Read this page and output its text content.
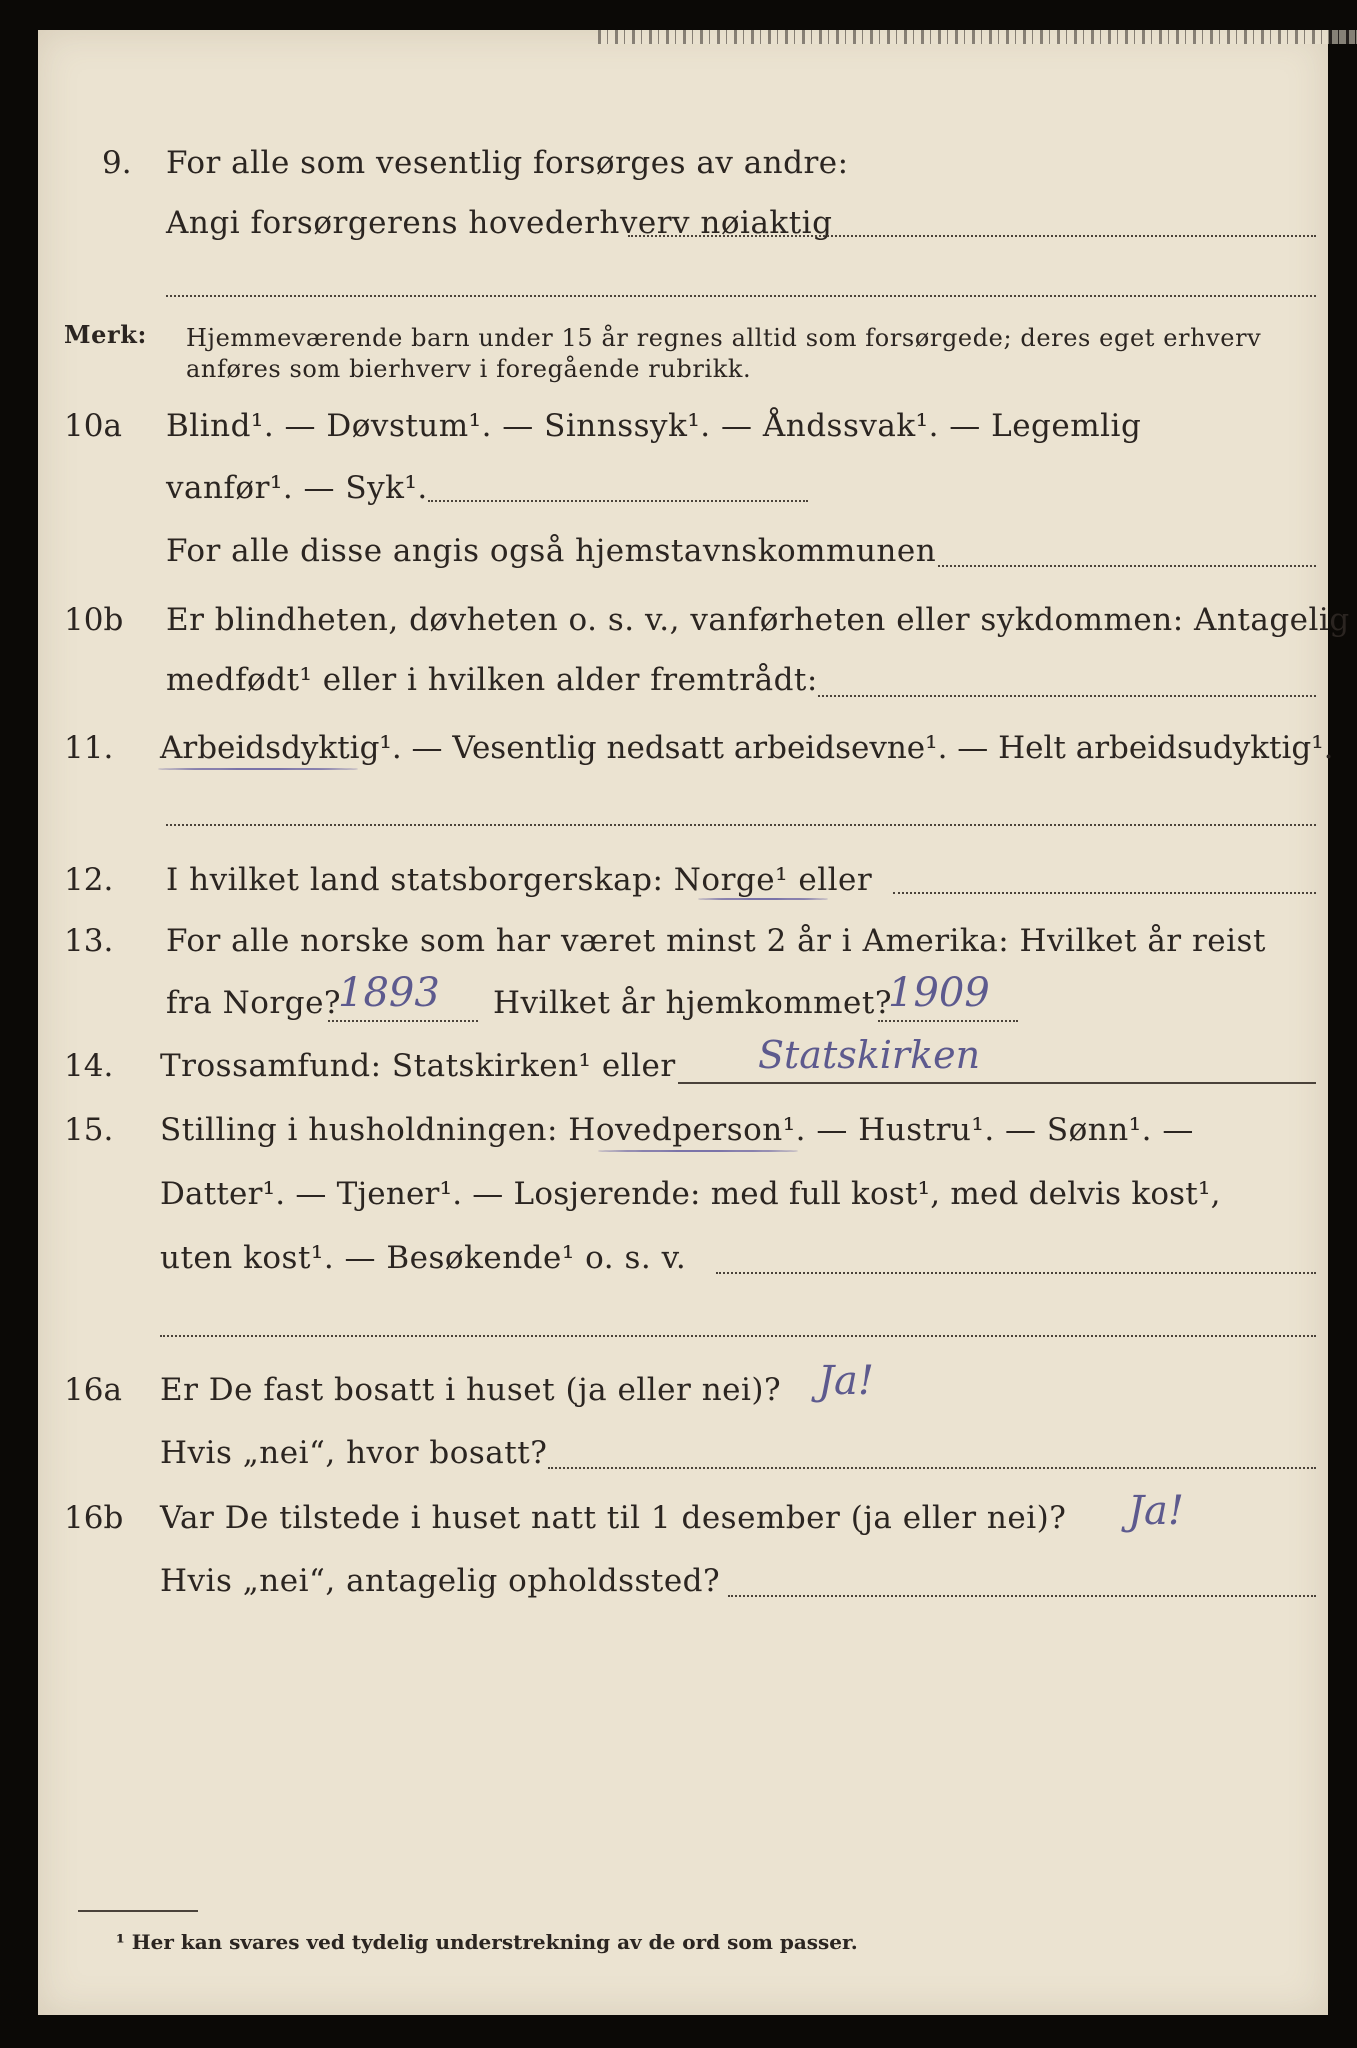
9. For alle som vesentlig forsørges av andre:
Angi forsørgerens hovederhverv nøiaktig
Merk: Hjemmeværende barn under 15 år regnes alltid som forsørgede; deres eget erhverv
anføres som bierhverv i foregående rubrikk.
10a Blind¹. — Døvstum¹. — Sinnssyk¹. — Åndssvak¹. — Legemlig
vanfør¹. — Syk¹.
For alle disse angis også hjemstavnskommunen
10b Er blindheten, døvheten o. s. v., vanførheten eller sykdommen: Antagelig
medfødt¹ eller i hvilken alder fremtrådt:
11. Arbeidsdyktig¹. — Vesentlig nedsatt arbeidsevne¹. — Helt arbeidsudyktig¹.
12. I hvilket land statsborgerskap: Norge¹ eller
13. For alle norske som har været minst 2 år i Amerika: Hvilket år reist
fra Norge?
1893 Hvilket år hjemkommet?
1909
14. Trossamfund: Statskirken¹ eller Statskirken
15. Stilling i husholdningen: Hovedperson¹. — Hustru¹. — Sønn¹. —
Datter¹. — Tjener¹. — Losjerende: med full kost¹, med delvis kost¹,
uten kost¹. — Besøkende¹ o. s. v.
16a Er De fast bosatt i huset (ja eller nei)? Ja!
Hvis „nei“, hvor bosatt?
16b Var De tilstede i huset natt til 1 desember (ja eller nei)? Ja!
Hvis „nei“, antagelig opholdssted?
¹ Her kan svares ved tydelig understrekning av de ord som passer.
